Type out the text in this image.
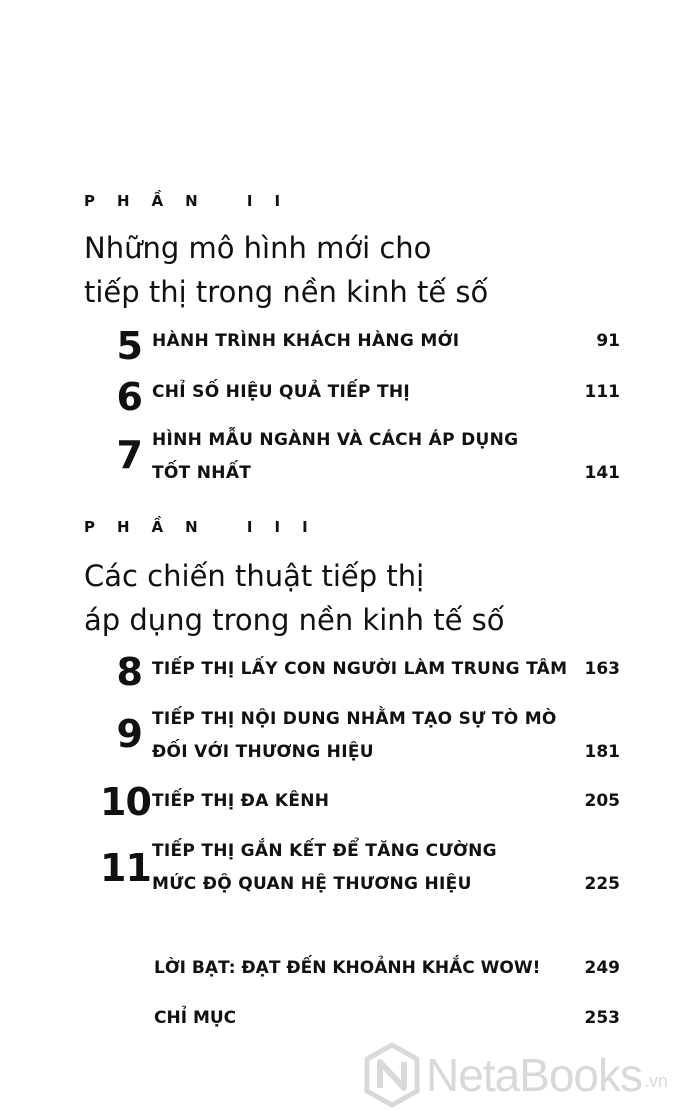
PHẦN II
Những mô hình mới cho
tiếp thị trong nền kinh tế số
5 HÀNH TRÌNH KHÁCH HÀNG MỚI	91
6 CHỈ SỐ HIỆU QUẢ TIẾP THỊ	111
7 HÌNH MẪU NGÀNH VÀ CÁCH ÁP DỤNG
TỐT NHẤT	141
PHẦN III
Các chiến thuật tiếp thị
áp dụng trong nền kinh tế số
8 TIẾP THỊ LẤY CON NGƯỜI LÀM TRUNG TÂM	163
9 TIẾP THỊ NỘI DUNG NHẰM TẠO SỰ TÒ MÒ
ĐỐI VỚI THƯƠNG HIỆU	181
10 TIẾP THỊ ĐA KÊNH	205
11 TIẾP THỊ GẮN KẾT ĐỂ TĂNG CƯỜNG
MỨC ĐỘ QUAN HỆ THƯƠNG HIỆU	225
LỜI BẠT: ĐẠT ĐẾN KHOẢNH KHẮC WOW!	249
CHỈ MỤC	253
NetaBooks .vn
